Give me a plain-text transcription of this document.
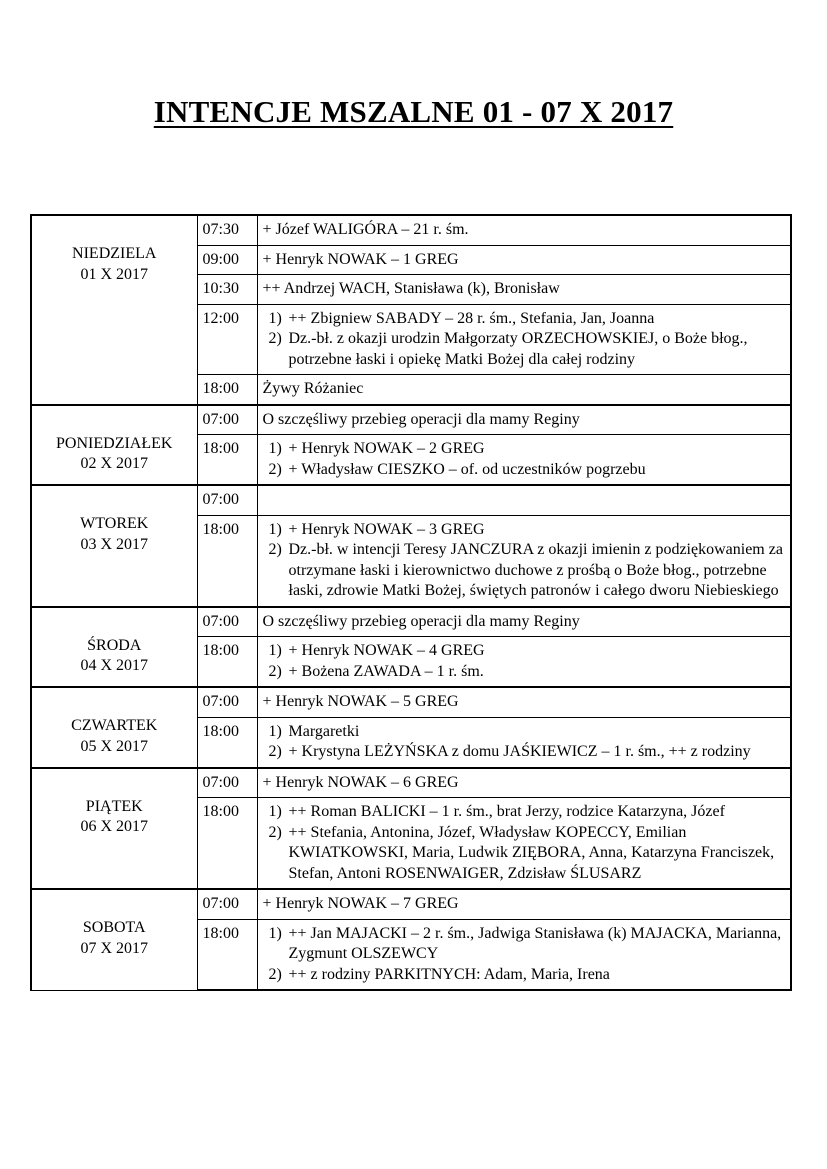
INTENCJE MSZALNE 01 - 07 X 2017
NIEDZIELA
01 X 2017	07:30	+ Józef WALIGÓRA – 21 r. śm.

	09:00	+ Henryk NOWAK – 1 GREG

	10:30	++ Andrzej WACH, Stanisława (k), Bronisław

	12:00	1) ++ Zbigniew SABADY – 28 r. śm., Stefania, Jan, Joanna
2) Dz.-bł. z okazji urodzin Małgorzaty ORZECHOWSKIEJ, o Boże błog., potrzebne łaski i opiekę Matki Bożej dla całej rodziny

	18:00	Żywy Różaniec

PONIEDZIAŁEK
02 X 2017	07:00	O szczęśliwy przebieg operacji dla mamy Reginy

	18:00	1) + Henryk NOWAK – 2 GREG
2) + Władysław CIESZKO – of. od uczestników pogrzebu

WTOREK
03 X 2017	07:00	

	18:00	1) + Henryk NOWAK – 3 GREG
2) Dz.-bł. w intencji Teresy JANCZURA z okazji imienin z podziękowaniem za otrzymane łaski i kierownictwo duchowe z prośbą o Boże błog., potrzebne łaski, zdrowie Matki Bożej, świętych patronów i całego dworu Niebieskiego

ŚRODA
04 X 2017	07:00	O szczęśliwy przebieg operacji dla mamy Reginy

	18:00	1) + Henryk NOWAK – 4 GREG
2) + Bożena ZAWADA – 1 r. śm.

CZWARTEK
05 X 2017	07:00	+ Henryk NOWAK – 5 GREG

	18:00	1) Margaretki
2) + Krystyna LEŻYŃSKA z domu JAŚKIEWICZ – 1 r. śm., ++ z rodziny

PIĄTEK
06 X 2017	07:00	+ Henryk NOWAK – 6 GREG

	18:00	1) ++ Roman BALICKI – 1 r. śm., brat Jerzy, rodzice Katarzyna, Józef
2) ++ Stefania, Antonina, Józef, Władysław KOPECCY, Emilian KWIATKOWSKI, Maria, Ludwik ZIĘBORA, Anna, Katarzyna Franciszek, Stefan, Antoni ROSENWAIGER, Zdzisław ŚLUSARZ

SOBOTA
07 X 2017	07:00	+ Henryk NOWAK – 7 GREG

	18:00	1) ++ Jan MAJACKI – 2 r. śm., Jadwiga Stanisława (k) MAJACKA, Marianna, Zygmunt OLSZEWCY
2) ++ z rodziny PARKITNYCH: Adam, Maria, Irena
